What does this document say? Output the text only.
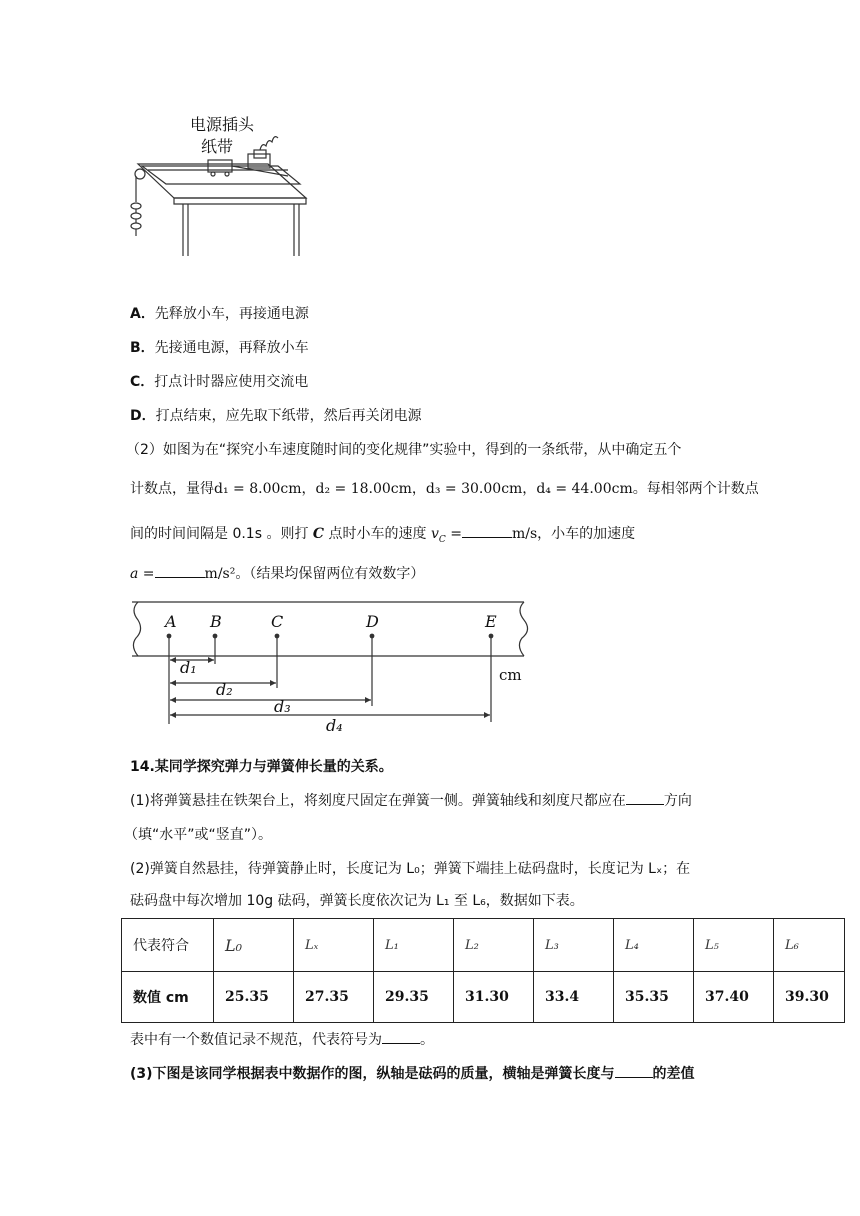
电源插头
纸带
A．先释放小车，再接通电源
B．先接通电源，再释放小车
C．打点计时器应使用交流电
D．打点结束，应先取下纸带，然后再关闭电源
（2）如图为在“探究小车速度随时间的变化规律”实验中，得到的一条纸带，从中确定五个
计数点，量得d₁ = 8.00cm，d₂ = 18.00cm，d₃ = 30.00cm，d₄ = 44.00cm。每相邻两个计数点
间的时间间隔是 0.1s 。则打 C 点时小车的速度 $v_C$ =	m/s，小车的加速度
a =	m/s²。（结果均保留两位有效数字）
A B	C	D	E
d₁
d₂
d₃
d₄
cm
14.某同学探究弹力与弹簧伸长量的关系。
(1)将弹簧悬挂在铁架台上，将刻度尺固定在弹簧一侧。弹簧轴线和刻度尺都应在	方向
（填“水平”或“竖直”）。
(2)弹簧自然悬挂，待弹簧静止时，长度记为 L₀；弹簧下端挂上砝码盘时，长度记为 Lₓ；在
砝码盘中每次增加 10g 砝码，弹簧长度依次记为 L₁ 至 L₆，数据如下表。
代表符合	L₀	Lₓ	L₁	L₂	L₃	L₄	L₅	L₆
数值 cm	25.35	27.35	29.35	31.30	33.4	35.35	37.40	39.30
表中有一个数值记录不规范，代表符号为	。
(3)下图是该同学根据表中数据作的图，纵轴是砝码的质量，横轴是弹簧长度与	的差值
